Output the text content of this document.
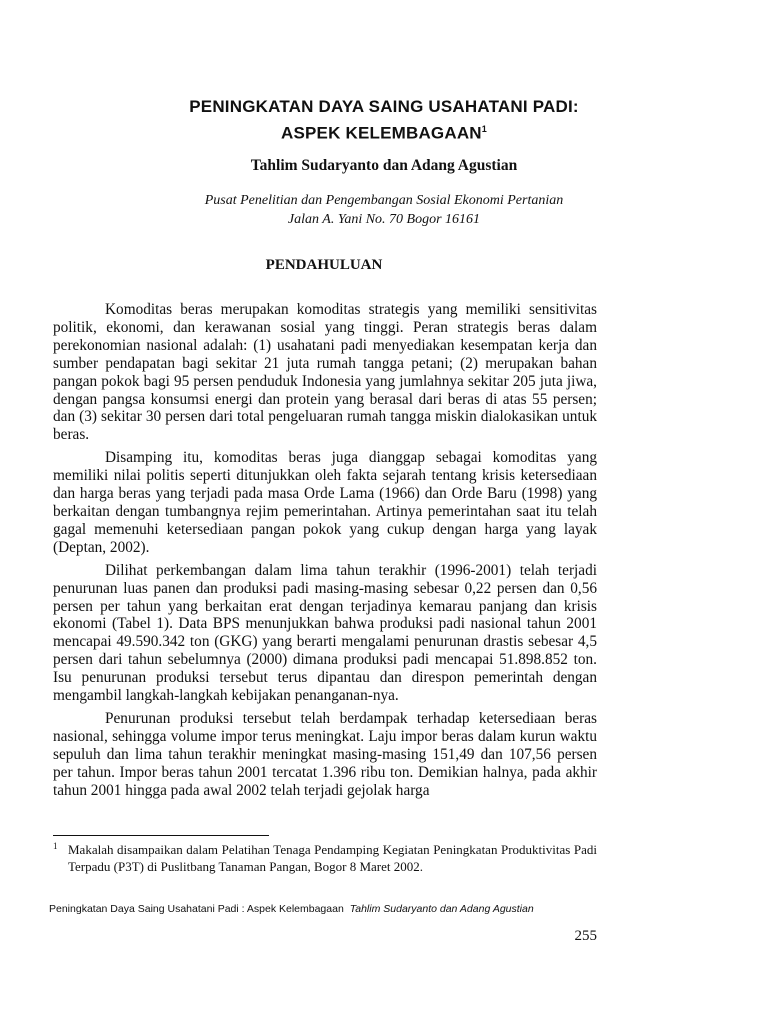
PENINGKATAN DAYA SAING USAHATANI PADI:
ASPEK KELEMBAGAAN$^1$
Tahlim Sudaryanto dan Adang Agustian
Pusat Penelitian dan Pengembangan Sosial Ekonomi Pertanian
Jalan A. Yani No. 70 Bogor 16161
PENDAHULUAN

Komoditas beras merupakan komoditas strategis yang memiliki sensitivitas politik, ekonomi, dan kerawanan sosial yang tinggi. Peran strategis beras dalam perekonomian nasional adalah: (1) usahatani padi menyediakan kesempatan kerja dan sumber pendapatan bagi sekitar 21 juta rumah tangga petani; (2) merupakan bahan pangan pokok bagi 95 persen penduduk Indonesia yang jumlahnya sekitar 205 juta jiwa, dengan pangsa konsumsi energi dan protein yang berasal dari beras di atas 55 persen; dan (3) sekitar 30 persen dari total pengeluaran rumah tangga miskin dialokasikan untuk beras.

Disamping itu, komoditas beras juga dianggap sebagai komoditas yang memiliki nilai politis seperti ditunjukkan oleh fakta sejarah tentang krisis ketersediaan dan harga beras yang terjadi pada masa Orde Lama (1966) dan Orde Baru (1998) yang berkaitan dengan tumbangnya rejim pemerintahan. Artinya pemerintahan saat itu telah gagal memenuhi ketersediaan pangan pokok yang cukup dengan harga yang layak (Deptan, 2002).

Dilihat perkembangan dalam lima tahun terakhir (1996-2001) telah terjadi penurunan luas panen dan produksi padi masing-masing sebesar 0,22 persen dan 0,56 persen per tahun yang berkaitan erat dengan terjadinya kemarau panjang dan krisis ekonomi (Tabel 1). Data BPS menunjukkan bahwa produksi padi nasional tahun 2001 mencapai 49.590.342 ton (GKG) yang berarti mengalami penurunan drastis sebesar 4,5 persen dari tahun sebelumnya (2000) dimana produksi padi mencapai 51.898.852 ton. Isu penurunan produksi tersebut terus dipantau dan direspon pemerintah dengan mengambil langkah-langkah kebijakan penanganan-nya.

Penurunan produksi tersebut telah berdampak terhadap ketersediaan beras nasional, sehingga volume impor terus meningkat. Laju impor beras dalam kurun waktu sepuluh dan lima tahun terakhir meningkat masing-masing 151,49 dan 107,56 persen per tahun. Impor beras tahun 2001 tercatat 1.396 ribu ton. Demikian halnya, pada akhir tahun 2001 hingga pada awal 2002 telah terjadi gejolak harga

1 Makalah disampaikan dalam Pelatihan Tenaga Pendamping Kegiatan Peningkatan Produktivitas Padi Terpadu (P3T) di Puslitbang Tanaman Pangan, Bogor 8 Maret 2002.
Peningkatan Daya Saing Usahatani Padi : Aspek Kelembagaan Tahlim Sudaryanto dan Adang Agustian
255
